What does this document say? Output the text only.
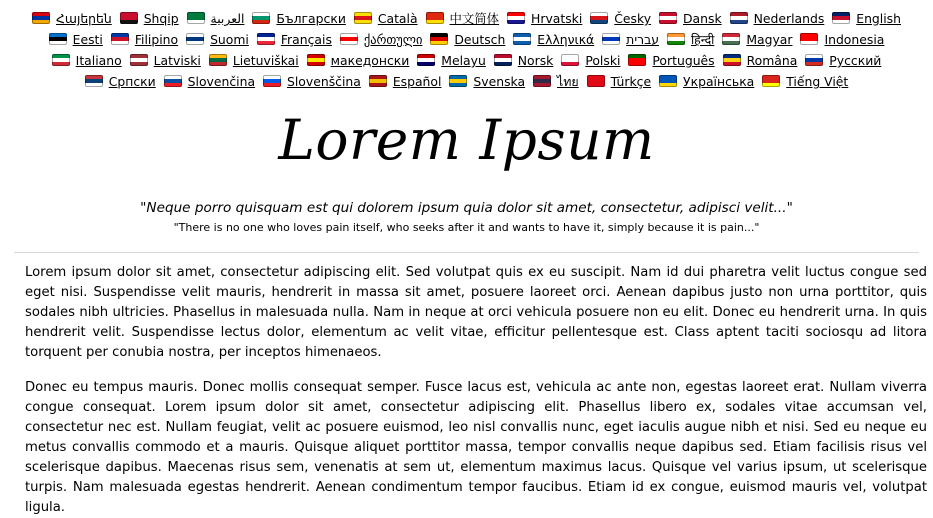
Հայերեն	Shqip	العربية	Български	Català	中文简体	Hrvatski	Česky	Dansk	Nederlands	English Eesti	Filipino	Suomi	Français	ქართული	Deutsch	Ελληνικά	עברית	हिन्दी	Magyar	Indonesia Italiano	Latviski	Lietuviškai	македонски	Melayu	Norsk	Polski	Português	Româna	Русский Српски	Slovenčina	Slovenščina	Español	Svenska	ไทย	Türkçe	Українська	Tiếng Việt
Lorem Ipsum
"Neque porro quisquam est qui dolorem ipsum quia dolor sit amet, consectetur, adipisci velit..."
"There is no one who loves pain itself, who seeks after it and wants to have it, simply because it is pain..."

Lorem ipsum dolor sit amet, consectetur adipiscing elit. Sed volutpat quis ex eu suscipit. Nam id dui pharetra velit luctus congue sed eget nisi. Suspendisse velit mauris, hendrerit in massa sit amet, posuere laoreet orci. Aenean dapibus justo non urna porttitor, quis sodales nibh ultricies. Phasellus in malesuada nulla. Nam in neque at orci vehicula posuere non eu elit. Donec eu hendrerit urna. In quis hendrerit velit. Suspendisse lectus dolor, elementum ac velit vitae, efficitur pellentesque est. Class aptent taciti sociosqu ad litora torquent per conubia nostra, per inceptos himenaeos.

Donec eu tempus mauris. Donec mollis consequat semper. Fusce lacus est, vehicula ac ante non, egestas laoreet erat. Nullam viverra congue consequat. Lorem ipsum dolor sit amet, consectetur adipiscing elit. Phasellus libero ex, sodales vitae accumsan vel, consectetur nec est. Nullam feugiat, velit ac posuere euismod, leo nisl convallis nunc, eget iaculis augue nibh et nisi. Sed eu neque eu metus convallis commodo et a mauris. Quisque aliquet porttitor massa, tempor convallis neque dapibus sed. Etiam facilisis risus vel scelerisque dapibus. Maecenas risus sem, venenatis at sem ut, elementum maximus lacus. Quisque vel varius ipsum, ut scelerisque turpis. Nam malesuada egestas hendrerit. Aenean condimentum tempor faucibus. Etiam id ex congue, euismod mauris vel, volutpat ligula.
